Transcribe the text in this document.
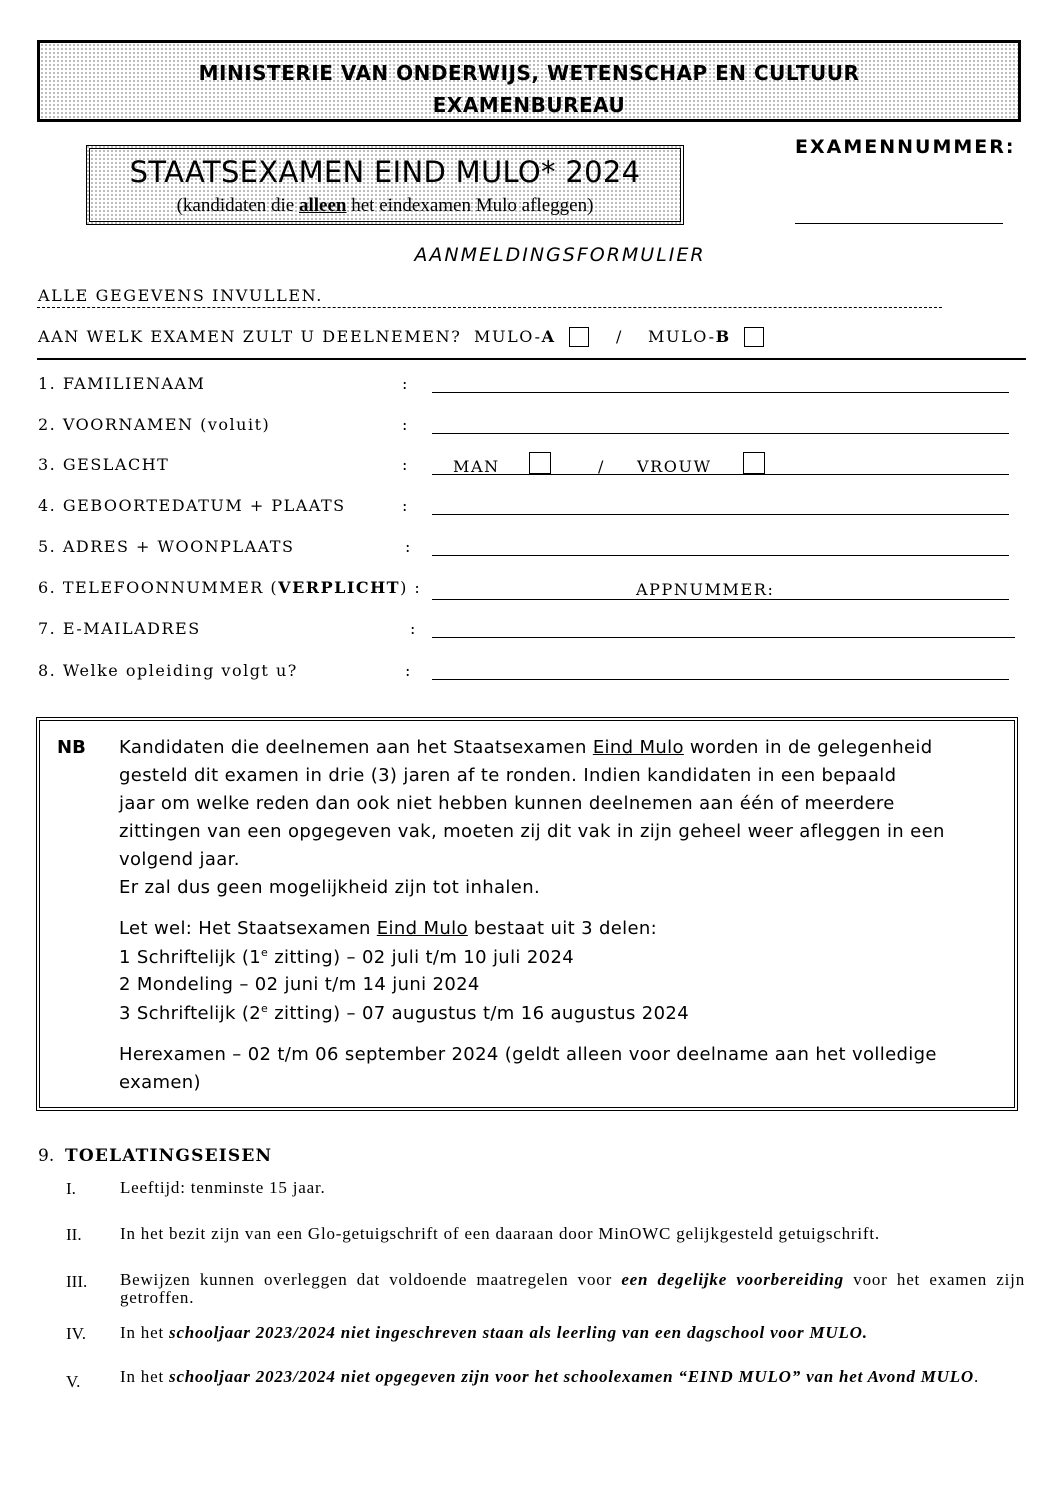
MINISTERIE VAN ONDERWIJS, WETENSCHAP EN CULTUUR
EXAMENBUREAU
STAATSEXAMEN EIND MULO* 2024
(kandidaten die alleen het eindexamen Mulo afleggen)
EXAMENNUMMER:
AANMELDINGSFORMULIER
ALLE GEGEVENS INVULLEN.
AAN WELK EXAMEN ZULT U DEELNEMEN? MULO-A	/ MULO-B
1. FAMILIENAAM	:
2. VOORNAMEN (voluit)	:
3. GESLACHT	:	MAN	/ VROUW
4. GEBOORTEDATUM + PLAATS	:
5. ADRES + WOONPLAATS	:
6. TELEFOONNUMMER (VERPLICHT) :	APPNUMMER:
7. E-MAILADRES	:
8. Welke opleiding volgt u?	:
NB Kandidaten die deelnemen aan het Staatsexamen Eind Mulo worden in de gelegenheid
gesteld dit examen in drie (3) jaren af te ronden. Indien kandidaten in een bepaald
jaar om welke reden dan ook niet hebben kunnen deelnemen aan één of meerdere
zittingen van een opgegeven vak, moeten zij dit vak in zijn geheel weer afleggen in een
volgend jaar.
Er zal dus geen mogelijkheid zijn tot inhalen.
Let wel: Het Staatsexamen Eind Mulo bestaat uit 3 delen:
1 Schriftelijk (1e zitting) – 02 juli t/m 10 juli 2024
2 Mondeling – 02 juni t/m 14 juni 2024
3 Schriftelijk (2e zitting) – 07 augustus t/m 16 augustus 2024
Herexamen – 02 t/m 06 september 2024 (geldt alleen voor deelname aan het volledige
examen)
9. TOELATINGSEISEN
I.	Leeftijd: tenminste 15 jaar.
II. In het bezit zijn van een Glo-getuigschrift of een daaraan door MinOWC gelijkgesteld getuigschrift.
III. Bewijzen kunnen overleggen dat voldoende maatregelen voor een degelijke voorbereiding voor het examen zijn getroffen.
IV. In het schooljaar 2023/2024 niet ingeschreven staan als leerling van een dagschool voor MULO.
V. In het schooljaar 2023/2024 niet opgegeven zijn voor het schoolexamen “EIND MULO” van het Avond MULO.
